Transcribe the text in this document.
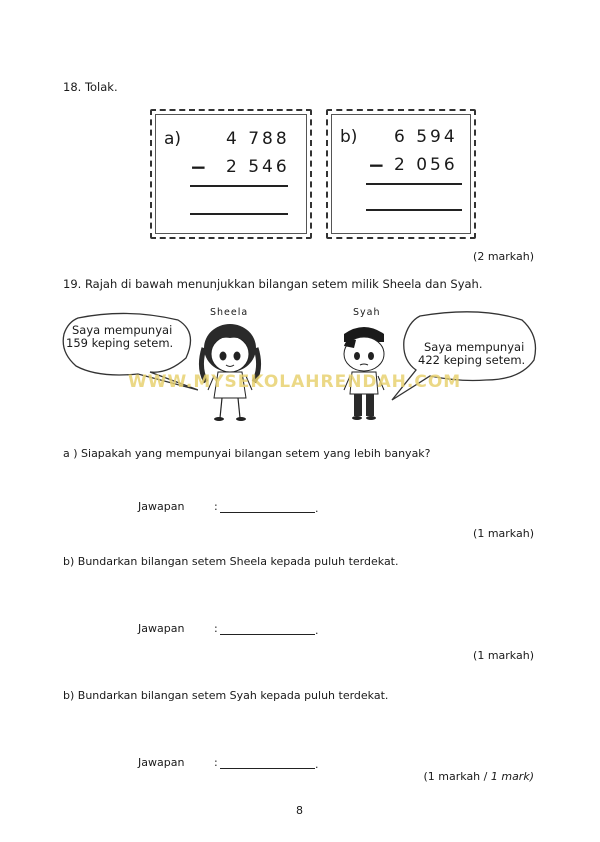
18. Tolak.
a)	4 788
− 2 546
b) 6 594
− 2 056
(2 markah)
19. Rajah di bawah menunjukkan bilangan setem milik Sheela dan Syah.
Sheela	Syah
Saya mempunyai
159 keping setem.	Saya mempunyai
422 keping setem.
WWW.MYSEKOLAHRENDAH.COM
a ) Siapakah yang mempunyai bilangan setem yang lebih banyak?
Jawapan	:	.
(1 markah)
b) Bundarkan bilangan setem Sheela kepada puluh terdekat.
Jawapan	:	.
(1 markah)
b) Bundarkan bilangan setem Syah kepada puluh terdekat.
Jawapan	:	.
(1 markah / 1 mark)
8
